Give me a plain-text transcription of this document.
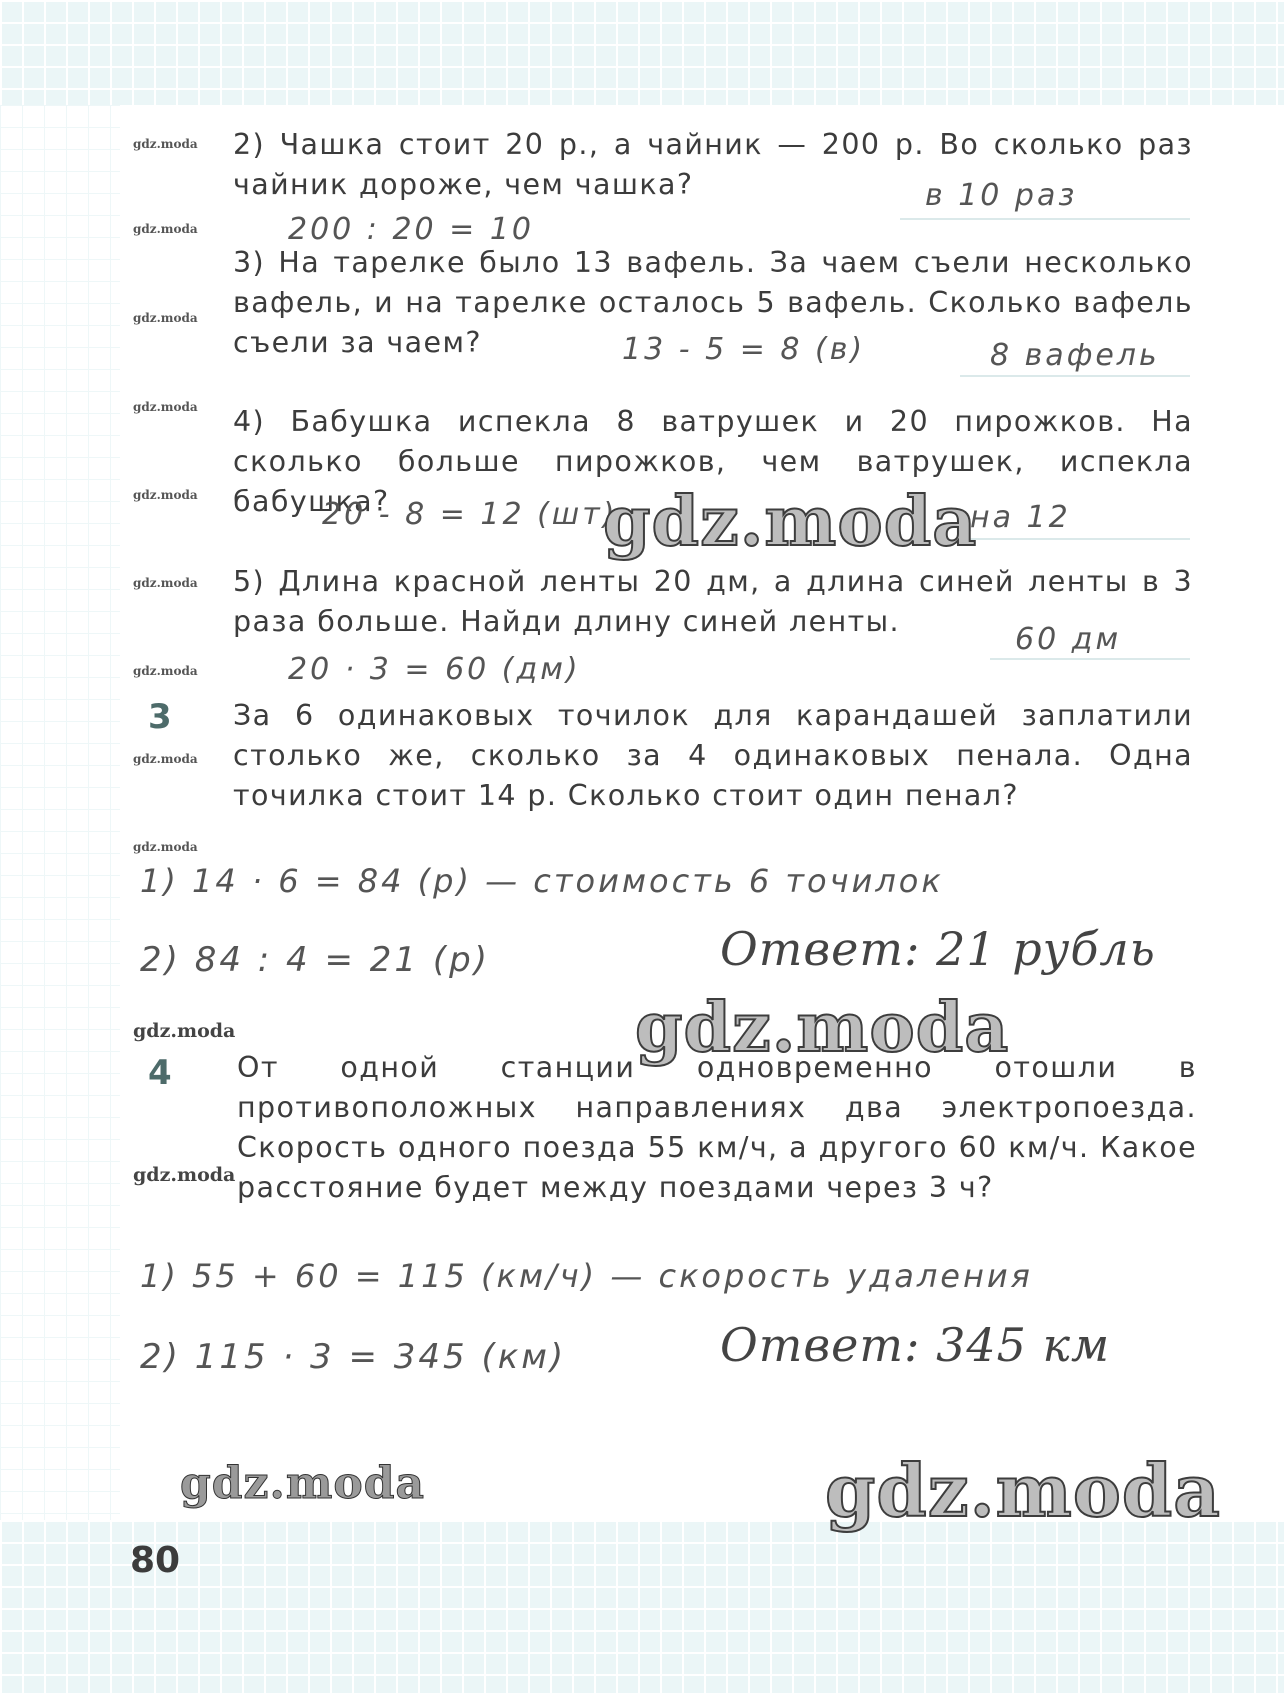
gdz.moda
gdz.moda
gdz.moda
gdz.moda
gdz.moda
gdz.moda
gdz.moda
gdz.moda
gdz.moda
gdz.moda
gdz.moda
2) Чашка стоит 20 р., а чайник — 200 р. Во сколько раз чайник дороже, чем чашка?	в 10 раз
200 : 20 = 10
3) На тарелке было 13 вафель. За чаем съели несколько вафель, и на тарелке осталось 5 вафель. Сколько вафель съели за чаем?	13 - 5 = 8 (в)	8 вафель
4) Бабушка испекла 8 ватрушек и 20 пирожков. На сколько больше пирожков, чем ватрушек, испекла бабушка?
20 - 8 = 12 (шт)	на 12
gdz.moda
5) Длина красной ленты 20 дм, а длина синей ленты в 3 раза больше. Найди длину синей ленты.
20 · 3 = 60 (дм)
60 дм
3 За 6 одинаковых точилок для карандашей заплатили столько же, сколько за 4 одинаковых пенала. Одна точилка стоит 14 р. Сколько стоит один пенал?
1) 14 · 6 = 84 (р) — стоимость 6 точилок
2) 84 : 4 = 21 (р)	Ответ: 21 рубль
gdz.moda
4 От одной станции одновременно отошли в противоположных направлениях два электропоезда. Скорость одного поезда 55 км/ч, а другого 60 км/ч. Какое расстояние будет между поездами через 3 ч?
1) 55 + 60 = 115 (км/ч) — скорость удаления
2) 115 · 3 = 345 (км)	Ответ: 345 км
gdz.moda	gdz.moda
80
